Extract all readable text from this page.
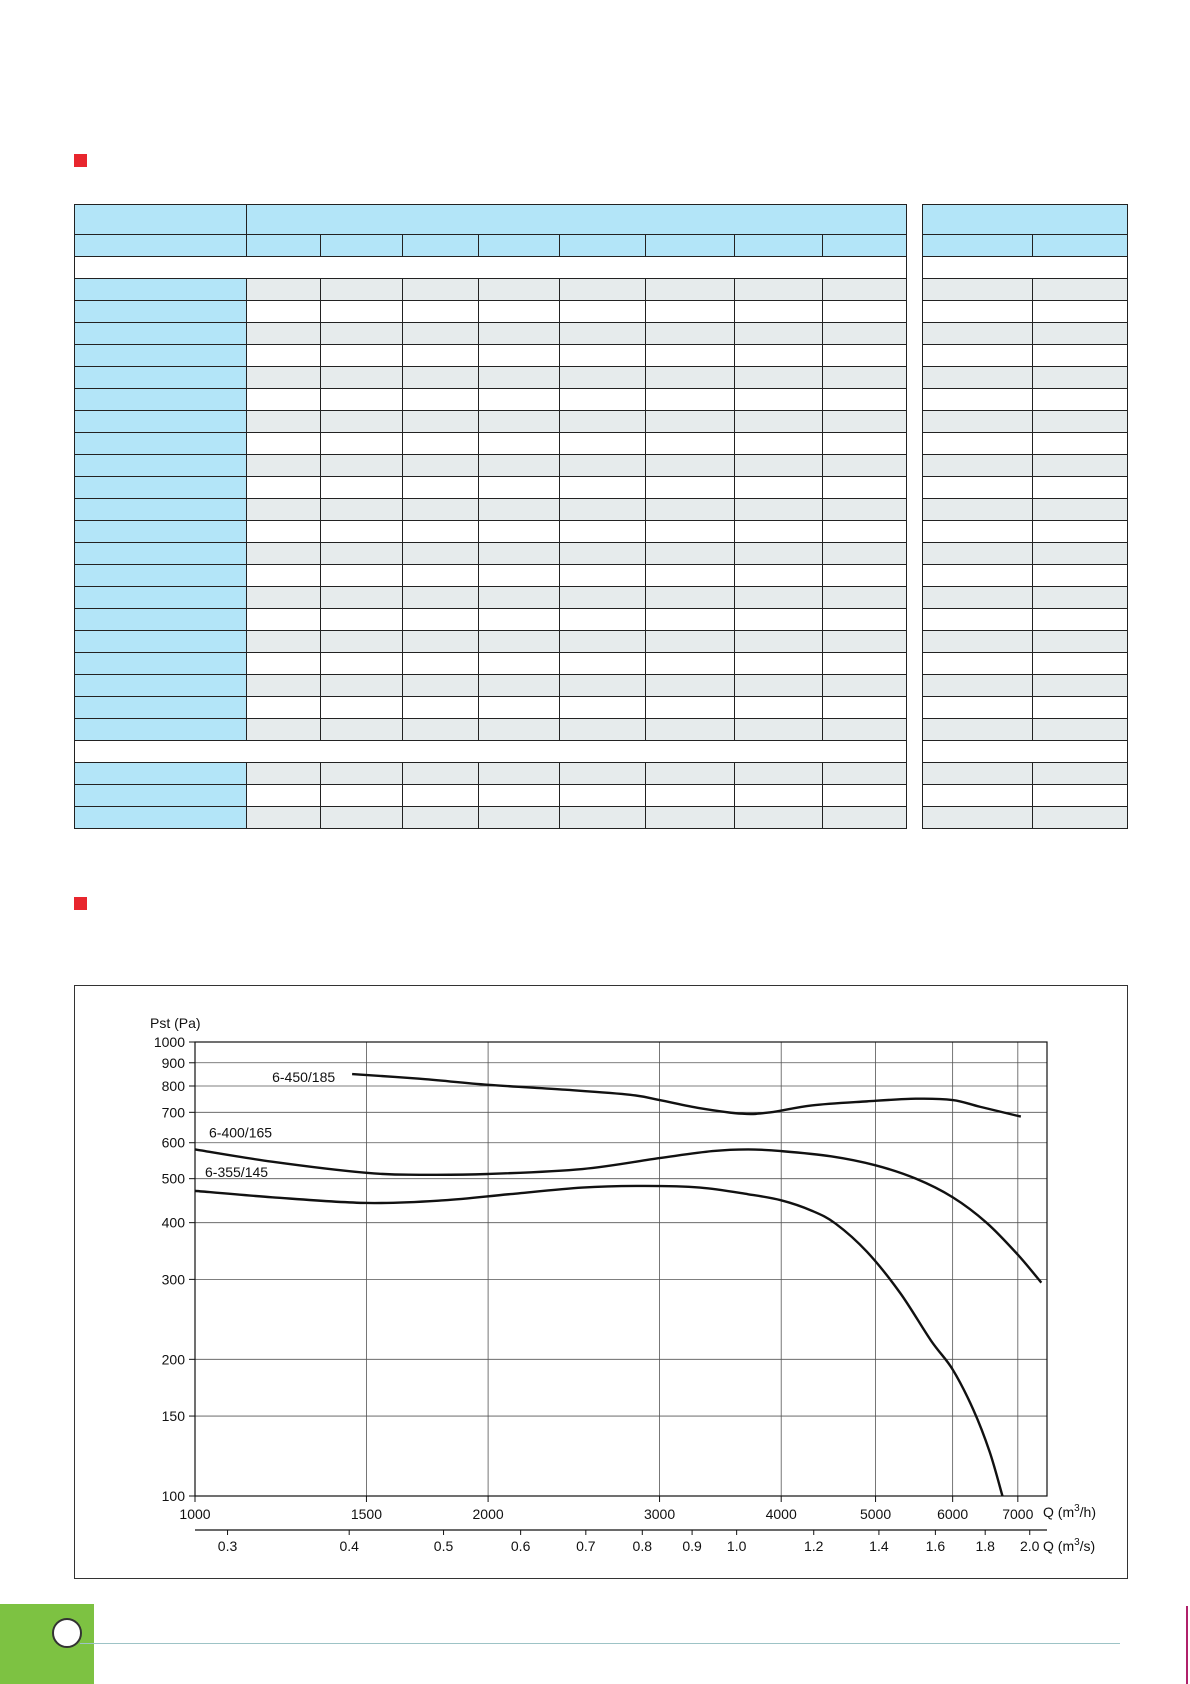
100
150
200
300
400
500
600
700
800
900
1000
1000	1500	2000	3000	4000	5000	6000 7000
0.3	0.4	0.5	0.6	0.7	0.8 0.9 1.0	1.2	1.4	1.6 1.8 2.0
6-450/185
6-400/165
6-355/145
Pst (Pa)
Q $(m^3/h)$
Q $(m^3/s)$
